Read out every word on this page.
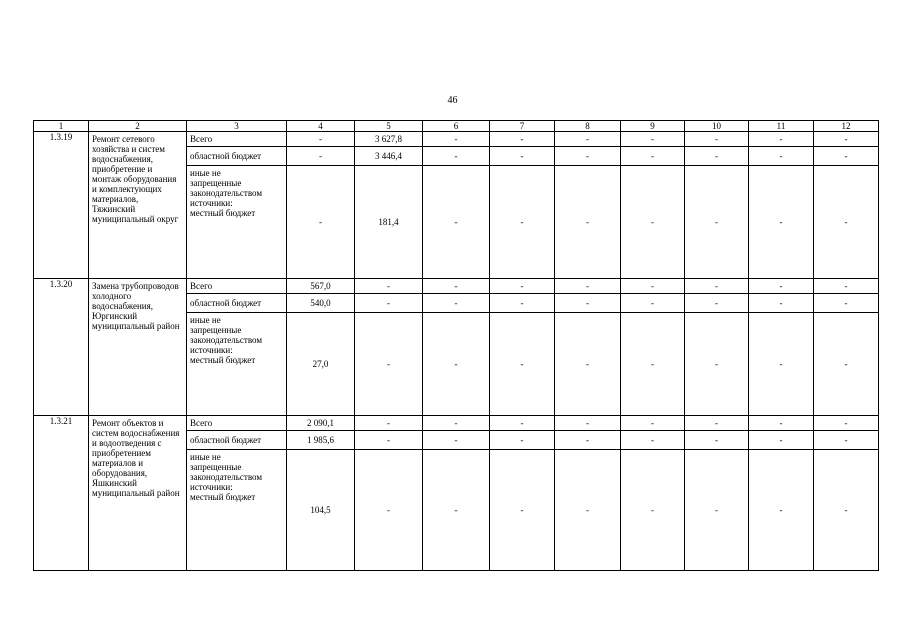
46
1	2	3	4	5	6	7	8	9	10	11	12
1.3.19	Ремонт сетевого хозяйства и систем водоснабжения, приобретение и монтаж оборудования и комплектующих материалов, Тяжинский муниципальный округ	Всего	-	3 627,8	-	-	-	-	-	-	-
		областной бюджет	-	3 446,4	-	-	-	-	-	-	-

		иные не
запрещенные
законодательством
источники:
местный бюджет	-	181,4	-	-	-	-	-	-	-
1.3.20	Замена трубопроводов холодного водоснабжения, Юргинский муниципальный район	Всего	567,0	-	-	-	-	-	-	-	-
		областной бюджет	540,0	-	-	-	-	-	-	-	-

		иные не
запрещенные
законодательством
источники:
местный бюджет	27,0	-	-	-	-	-	-	-	-
1.3.21	Ремонт объектов и систем водоснабжения и водоотведения с приобретением материалов и оборудования, Яшкинский муниципальный район	Всего	2 090,1	-	-	-	-	-	-	-	-
		областной бюджет	1 985,6	-	-	-	-	-	-	-	-

		иные не
запрещенные
законодательством
источники:
местный бюджет	104,5	-	-	-	-	-	-	-	-
